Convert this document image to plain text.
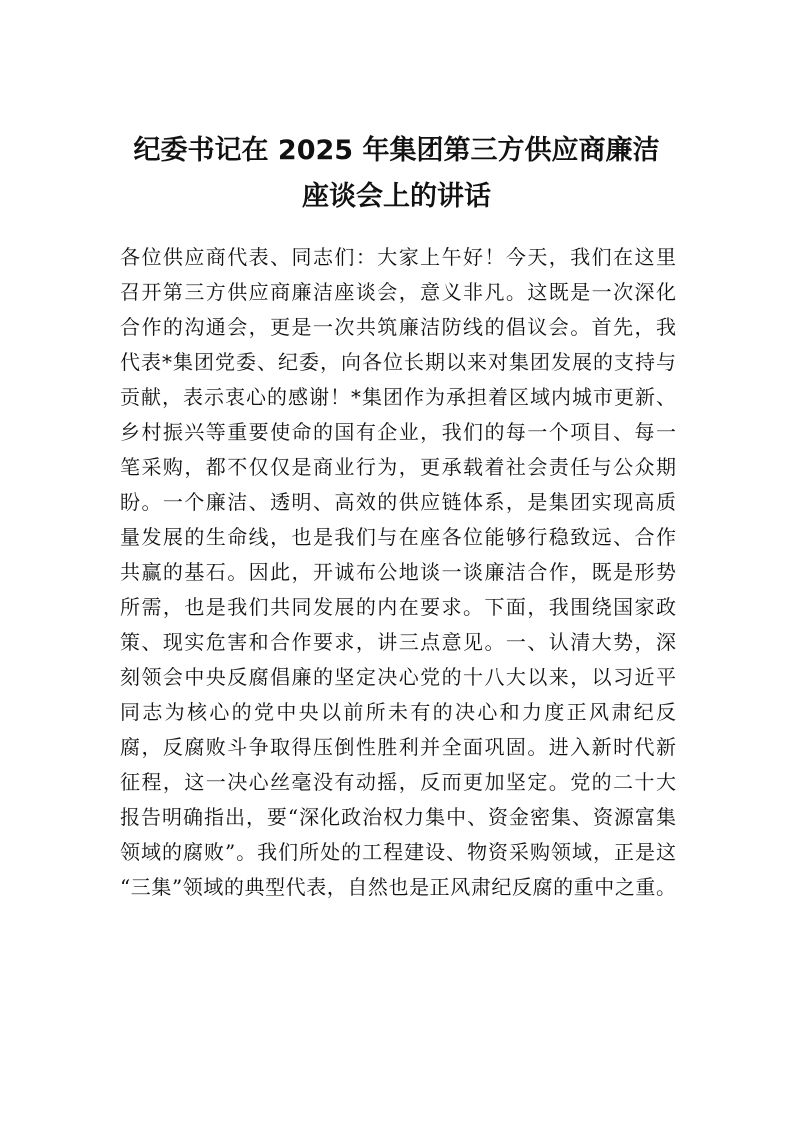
纪委书记在 2025 年集团第三方供应商廉洁
座谈会上的讲话
各位供应商代表、同志们：大家上午好！今天，我们在这里
召开第三方供应商廉洁座谈会，意义非凡。这既是一次深化
合作的沟通会，更是一次共筑廉洁防线的倡议会。首先，我
代表*集团党委、纪委，向各位长期以来对集团发展的支持与
贡献，表示衷心的感谢！*集团作为承担着区域内城市更新、
乡村振兴等重要使命的国有企业，我们的每一个项目、每一
笔采购，都不仅仅是商业行为，更承载着社会责任与公众期
盼。一个廉洁、透明、高效的供应链体系，是集团实现高质
量发展的生命线，也是我们与在座各位能够行稳致远、合作
共赢的基石。因此，开诚布公地谈一谈廉洁合作，既是形势
所需，也是我们共同发展的内在要求。下面，我围绕国家政
策、现实危害和合作要求，讲三点意见。一、认清大势，深
刻领会中央反腐倡廉的坚定决心党的十八大以来，以习近平
同志为核心的党中央以前所未有的决心和力度正风肃纪反
腐，反腐败斗争取得压倒性胜利并全面巩固。进入新时代新
征程，这一决心丝毫没有动摇，反而更加坚定。党的二十大
报告明确指出，要“深化政治权力集中、资金密集、资源富集
领域的腐败”。我们所处的工程建设、物资采购领域，正是这
“三集”领域的典型代表，自然也是正风肃纪反腐的重中之重。
